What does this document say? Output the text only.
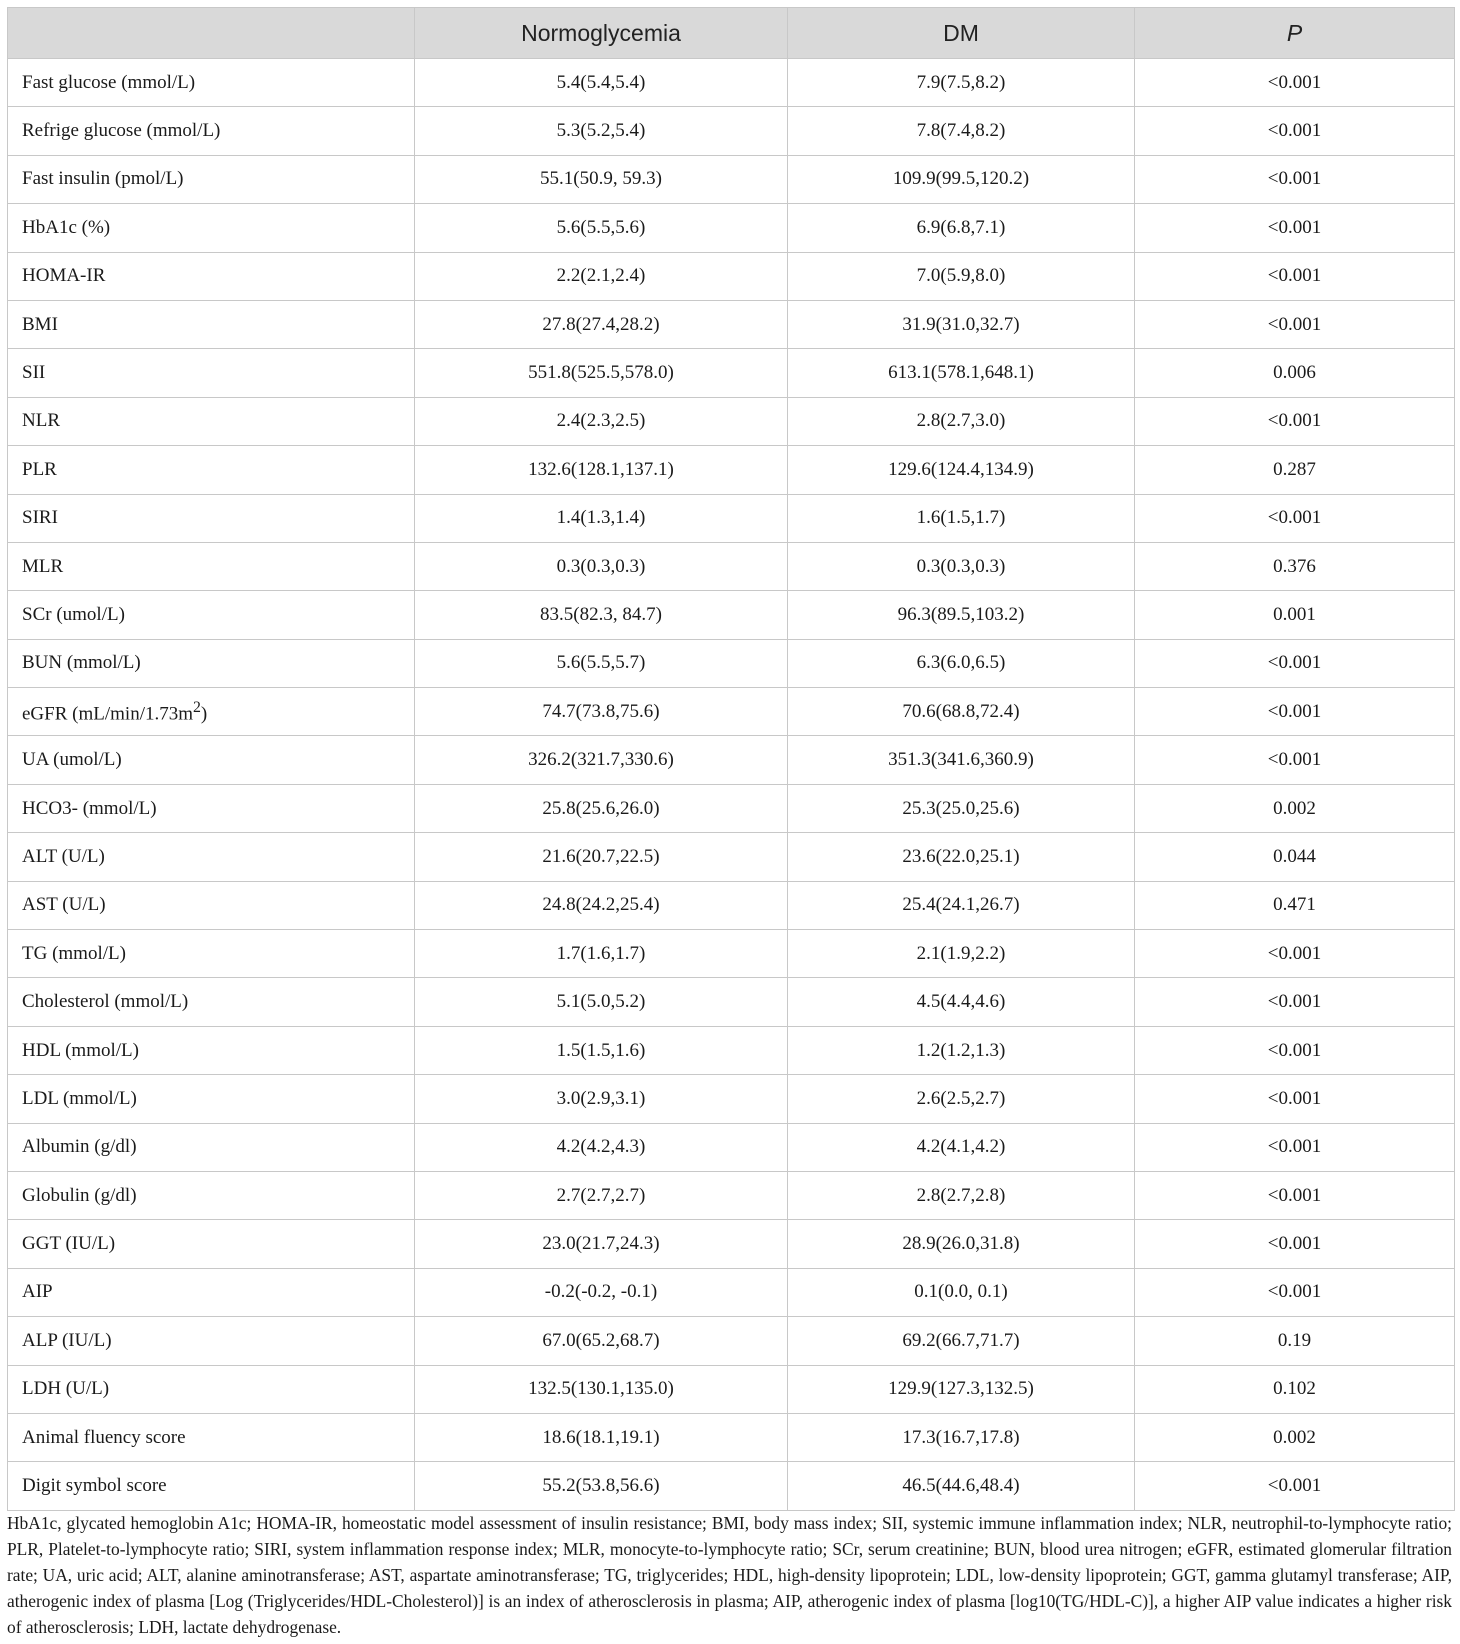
	Normoglycemia	DM	P
Fast glucose (mmol/L)	5.4(5.4,5.4)	7.9(7.5,8.2)	<0.001
Refrige glucose (mmol/L)	5.3(5.2,5.4)	7.8(7.4,8.2)	<0.001
Fast insulin (pmol/L)	55.1(50.9, 59.3)	109.9(99.5,120.2)	<0.001
HbA1c (%)	5.6(5.5,5.6)	6.9(6.8,7.1)	<0.001
HOMA-IR	2.2(2.1,2.4)	7.0(5.9,8.0)	<0.001
BMI	27.8(27.4,28.2)	31.9(31.0,32.7)	<0.001
SII	551.8(525.5,578.0)	613.1(578.1,648.1)	0.006
NLR	2.4(2.3,2.5)	2.8(2.7,3.0)	<0.001
PLR	132.6(128.1,137.1)	129.6(124.4,134.9)	0.287
SIRI	1.4(1.3,1.4)	1.6(1.5,1.7)	<0.001
MLR	0.3(0.3,0.3)	0.3(0.3,0.3)	0.376
SCr (umol/L)	83.5(82.3, 84.7)	96.3(89.5,103.2)	0.001
BUN (mmol/L)	5.6(5.5,5.7)	6.3(6.0,6.5)	<0.001
eGFR $(mL/\min/1.73m^2)$	74.7(73.8,75.6)	70.6(68.8,72.4)	<0.001
UA (umol/L)	326.2(321.7,330.6)	351.3(341.6,360.9)	<0.001
HCO3- (mmol/L)	25.8(25.6,26.0)	25.3(25.0,25.6)	0.002
ALT (U/L)	21.6(20.7,22.5)	23.6(22.0,25.1)	0.044
AST (U/L)	24.8(24.2,25.4)	25.4(24.1,26.7)	0.471
TG (mmol/L)	1.7(1.6,1.7)	2.1(1.9,2.2)	<0.001
Cholesterol (mmol/L)	5.1(5.0,5.2)	4.5(4.4,4.6)	<0.001
HDL (mmol/L)	1.5(1.5,1.6)	1.2(1.2,1.3)	<0.001
LDL (mmol/L)	3.0(2.9,3.1)	2.6(2.5,2.7)	<0.001
Albumin (g/dl)	4.2(4.2,4.3)	4.2(4.1,4.2)	<0.001
Globulin (g/dl)	2.7(2.7,2.7)	2.8(2.7,2.8)	<0.001
GGT (IU/L)	23.0(21.7,24.3)	28.9(26.0,31.8)	<0.001
AIP	-0.2(-0.2, -0.1)	0.1(0.0, 0.1)	<0.001
ALP (IU/L)	67.0(65.2,68.7)	69.2(66.7,71.7)	0.19
LDH (U/L)	132.5(130.1,135.0)	129.9(127.3,132.5)	0.102
Animal fluency score	18.6(18.1,19.1)	17.3(16.7,17.8)	0.002
Digit symbol score	55.2(53.8,56.6)	46.5(44.6,48.4)	<0.001
HbA1c, glycated hemoglobin A1c; HOMA-IR, homeostatic model assessment of insulin resistance; BMI, body mass index; SII, systemic immune inflammation index; NLR, neutrophil-to-lymphocyte ratio; PLR, Platelet-to-lymphocyte ratio; SIRI, system inflammation response index; MLR, monocyte-to-lymphocyte ratio; SCr, serum creatinine; BUN, blood urea nitrogen; eGFR, estimated glomerular filtration rate; UA, uric acid; ALT, alanine aminotransferase; AST, aspartate aminotransferase; TG, triglycerides; HDL, high-density lipoprotein; LDL, low-density lipoprotein; GGT, gamma glutamyl transferase; AIP, atherogenic index of plasma [Log (Triglycerides/HDL-Cholesterol)] is an index of atherosclerosis in plasma; AIP, atherogenic index of plasma [log10(TG/HDL-C)], a higher AIP value indicates a higher risk of atherosclerosis; LDH, lactate dehydrogenase.
